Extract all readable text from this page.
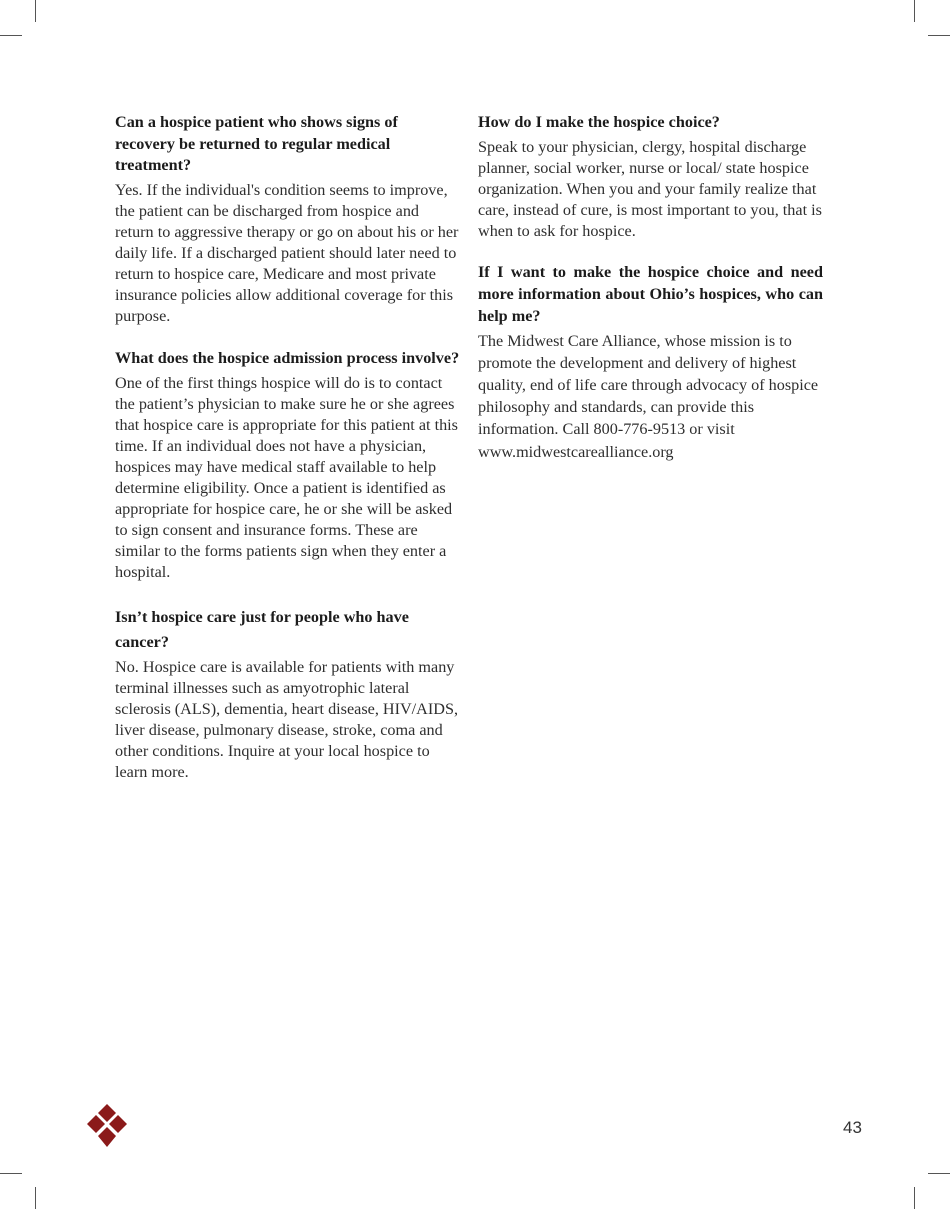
Can a hospice patient who shows signs of recovery be returned to regular medical treatment?

Yes. If the individual's condition seems to improve, the patient can be discharged from hospice and return to aggressive therapy or go on about his or her daily life. If a discharged patient should later need to return to hospice care, Medicare and most private insurance policies allow additional coverage for this purpose.

What does the hospice admission process involve?

One of the first things hospice will do is to contact the patient’s physician to make sure he or she agrees that hospice care is appropriate for this patient at this time. If an individual does not have a physician, hospices may have medical staff available to help determine eligibility. Once a patient is identified as appropriate for hospice care, he or she will be asked to sign consent and insurance forms. These are similar to the forms patients sign when they enter a hospital.

Isn’t hospice care just for people who have cancer?

No. Hospice care is available for patients with many terminal illnesses such as amyotrophic lateral sclerosis (ALS), dementia, heart disease, HIV/AIDS, liver disease, pulmonary disease, stroke, coma and other conditions. Inquire at your local hospice to learn more.

How do I make the hospice choice?

Speak to your physician, clergy, hospital discharge planner, social worker, nurse or local/ state hospice organization. When you and your family realize that care, instead of cure, is most important to you, that is when to ask for hospice.

If I want to make the hospice choice and need more information about Ohio’s hospices, who can help me?

The Midwest Care Alliance, whose mission is to promote the development and delivery of highest quality, end of life care through advocacy of hospice philosophy and standards, can provide this information. Call 800-776-9513 or visit www.midwestcarealliance.org

43
